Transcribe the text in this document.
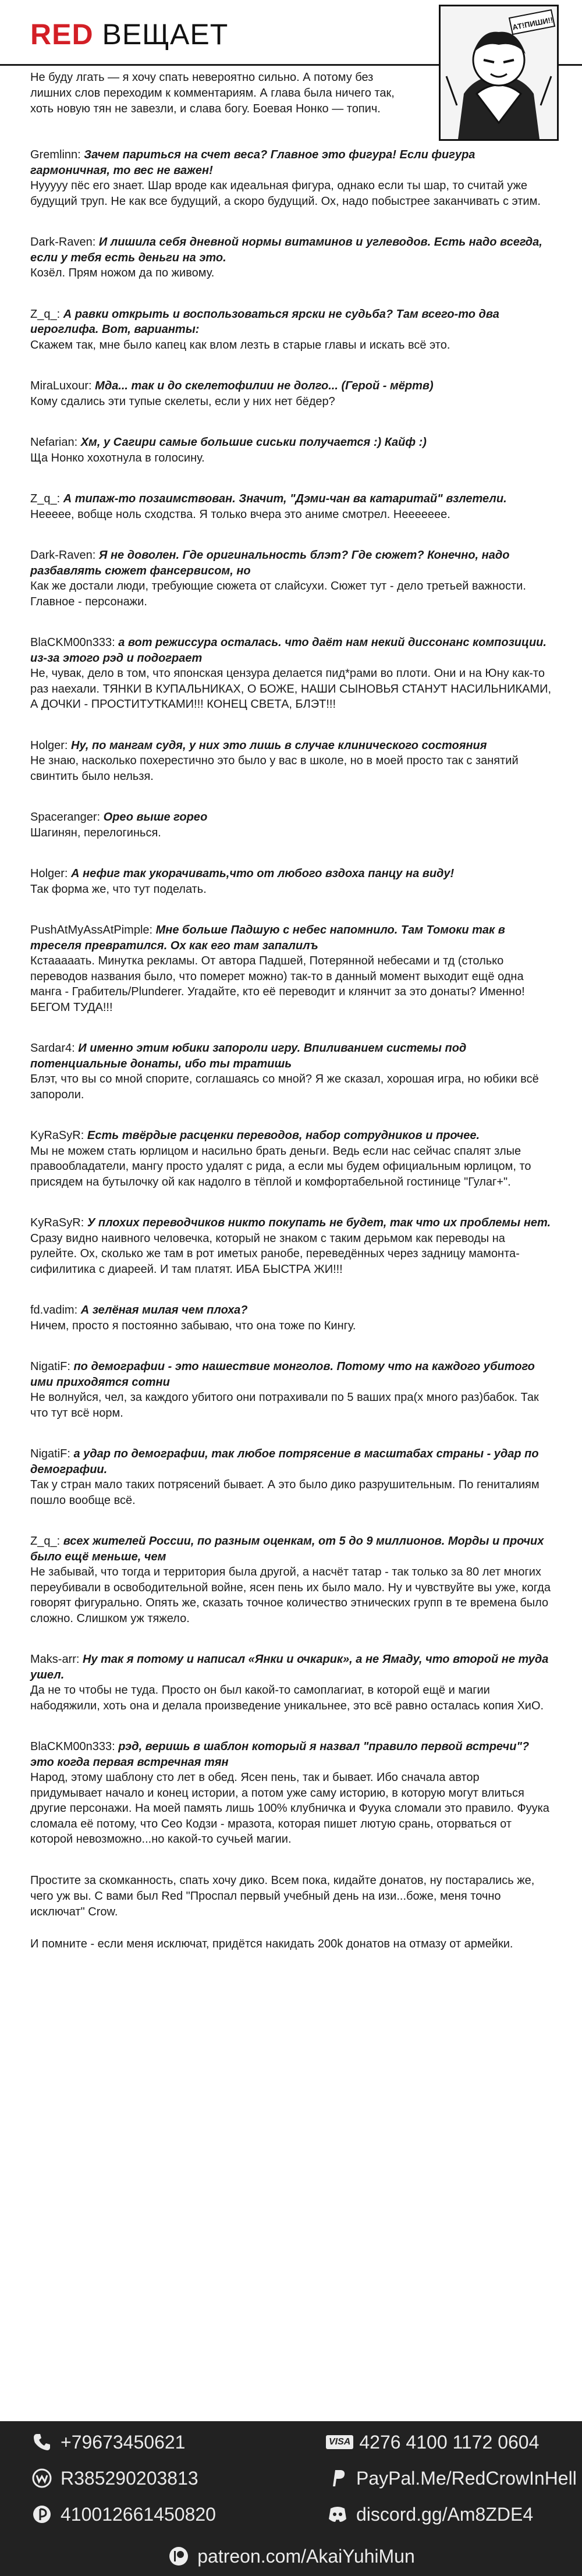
RED ВЕЩАЕТ	АТ!ПИШИ!!

Не буду лгать — я хочу спать невероятно сильно. А потому без лишних слов переходим к комментариям. А глава была ничего так, хоть новую тян не завезли, и слава богу. Боевая Нонко — топич.

Gremlinn: Зачем париться на счет веса? Главное это фигура! Если фигура гармоничная, то вес не важен!
Нууууу пёс его знает. Шар вроде как идеальная фигура, однако если ты шар, то считай уже будущий труп. Не как все будущий, а скоро будущий. Ох, надо побыстрее заканчивать с этим.

Dark-Raven: И лишила себя дневной нормы витаминов и углеводов. Есть надо всегда, если у тебя есть деньги на это.
Козёл. Прям ножом да по живому.

Z_q_: А равки открыть и воспользоваться ярски не судьба? Там всего-то два иероглифа. Вот, варианты:
Скажем так, мне было капец как влом лезть в старые главы и искать всё это.

MiraLuxour: Мда... так и до скелетофилии не долго... (Герой - мёртв)
Кому сдались эти тупые скелеты, если у них нет бёдер?

Nefarian: Хм, у Сагири самые большие сиськи получается :) Кайф :)
Ща Нонко хохотнула в голосину.

Z_q_: А типаж-то позаимствован. Значит, "Дэми-чан ва катаритай" взлетели.
Неееее, вобще ноль сходства. Я только вчера это аниме смотрел. Неееееее.

Dark-Raven: Я не доволен. Где оригинальность блэт? Где сюжет? Конечно, надо разбавлять сюжет фансервисом, но
Как же достали люди, требующие сюжета от слайсухи. Сюжет тут - дело третьей важности. Главное - персонажи.

BlaCKM00n333: а вот режиссура осталась. что даёт нам некий диссонанс композиции. из-за этого рэд и подограет
Не, чувак, дело в том, что японская цензура делается пид*рами во плоти. Они и на Юну как-то раз наехали. ТЯНКИ В КУПАЛЬНИКАХ, О БОЖЕ, НАШИ СЫНОВЬЯ СТАНУТ НАСИЛЬНИКАМИ, А ДОЧКИ - ПРОСТИТУТКАМИ!!! КОНЕЦ СВЕТА, БЛЭТ!!!

Holger: Ну, по мангам судя, у них это лишь в случае клинического состояния
Не знаю, насколько похерестично это было у вас в школе, но в моей просто так с занятий свинтить было нельзя.

Spaceranger: Орео выше горео
Шагинян, перелогинься.

Holger: А нефиг так укорачивать,что от любого вздоха панцу на виду!
Так форма же, что тут поделать.

PushAtMyAssAtPimple: Мне больше Падшую с небес напомнило. Там Томоки так в треселя превратился. Ох как его там запалилъ
Кстааааать. Минутка рекламы. От автора Падшей, Потерянной небесами и тд (столько переводов названия было, что померет можно) так-то в данный момент выходит ещё одна манга - Грабитель/Plunderer. Угадайте, кто её переводит и клянчит за это донаты? Именно! БЕГОМ ТУДА!!!

Sardar4: И именно этим юбики запороли игру. Впиливанием системы под потенциальные донаты, ибо ты тратишь
Блэт, что вы со мной спорите, соглашаясь со мной? Я же сказал, хорошая игра, но юбики всё запороли.

KyRaSyR: Есть твёрдые расценки переводов, набор сотрудников и прочее.
Мы не можем стать юрлицом и насильно брать деньги. Ведь если нас сейчас спалят злые правообладатели, мангу просто удалят с рида, а если мы будем официальным юрлицом, то присядем на бутылочку ой как надолго в тёплой и комфортабельной гостинице "Гулаг+".

KyRaSyR: У плохих переводчиков никто покупать не будет, так что их проблемы нет.
Сразу видно наивного человечка, который не знаком с таким дерьмом как переводы на рулейте. Ох, сколько же там в рот иметых ранобе, переведённых через задницу мамонта-сифилитика с диареей. И там платят. ИБА БЫСТРА ЖИ!!!

fd.vadim: А зелёная милая чем плоха?
Ничем, просто я постоянно забываю, что она тоже по Кингу.

NigatiF: по демографии - это нашествие монголов. Потому что на каждого убитого ими приходятся сотни
Не волнуйся, чел, за каждого убитого они потрахивали по 5 ваших пра(х много раз)бабок. Так что тут всё норм.

NigatiF: а удар по демографии, так любое потрясение в масштабах страны - удар по демографии.
Так у стран мало таких потрясений бывает. А это было дико разрушительным. По гениталиям пошло вообще всё.

Z_q_: всех жителей России, по разным оценкам, от 5 до 9 миллионов. Морды и прочих было ещё меньше, чем
Не забывай, что тогда и территория была другой, а насчёт татар - так только за 80 лет многих переубивали в освободительной войне, ясен пень их было мало. Ну и чувствуйте вы уже, когда говорят фигурально. Опять же, сказать точное количество этнических групп в те времена было сложно. Слишком уж тяжело.

Maks-arr: Ну так я потому и написал «Янки и очкарик», а не Ямаду, что второй не туда ушел.
Да не то чтобы не туда. Просто он был какой-то самоплагиат, в которой ещё и магии набодяжили, хоть она и делала произведение уникальнее, это всё равно осталась копия ХиО.

BlaCKM00n333: рэд, веришь в шаблон который я назвал "правило первой встречи"? это когда первая встречная тян
Народ, этому шаблону сто лет в обед. Ясен пень, так и бывает. Ибо сначала автор придумывает начало и конец истории, а потом уже саму историю, в которую могут влиться другие персонажи. На моей память лишь 100% клубничка и Фуука сломали это правило. Фуука сломала её потому, что Сео Кодзи - мразота, которая пишет лютую срань, оторваться от которой невозможно...но какой-то сучьей магии.

Простите за скомканность, спать хочу дико. Всем пока, кидайте донатов, ну постарались же, чего уж вы. С вами был Red "Проспал первый учебный день на изи...боже, меня точно исключат" Crow.

И помните - если меня исключат, придётся накидать 200k донатов на отмазу от армейки.

+79673450621
R385290203813
410012661450820
VISA 4276 4100 1172 0604
PayPal.Me/RedCrowInHell
discord.gg/Am8ZDE4
patreon.com/AkaiYuhiMun
